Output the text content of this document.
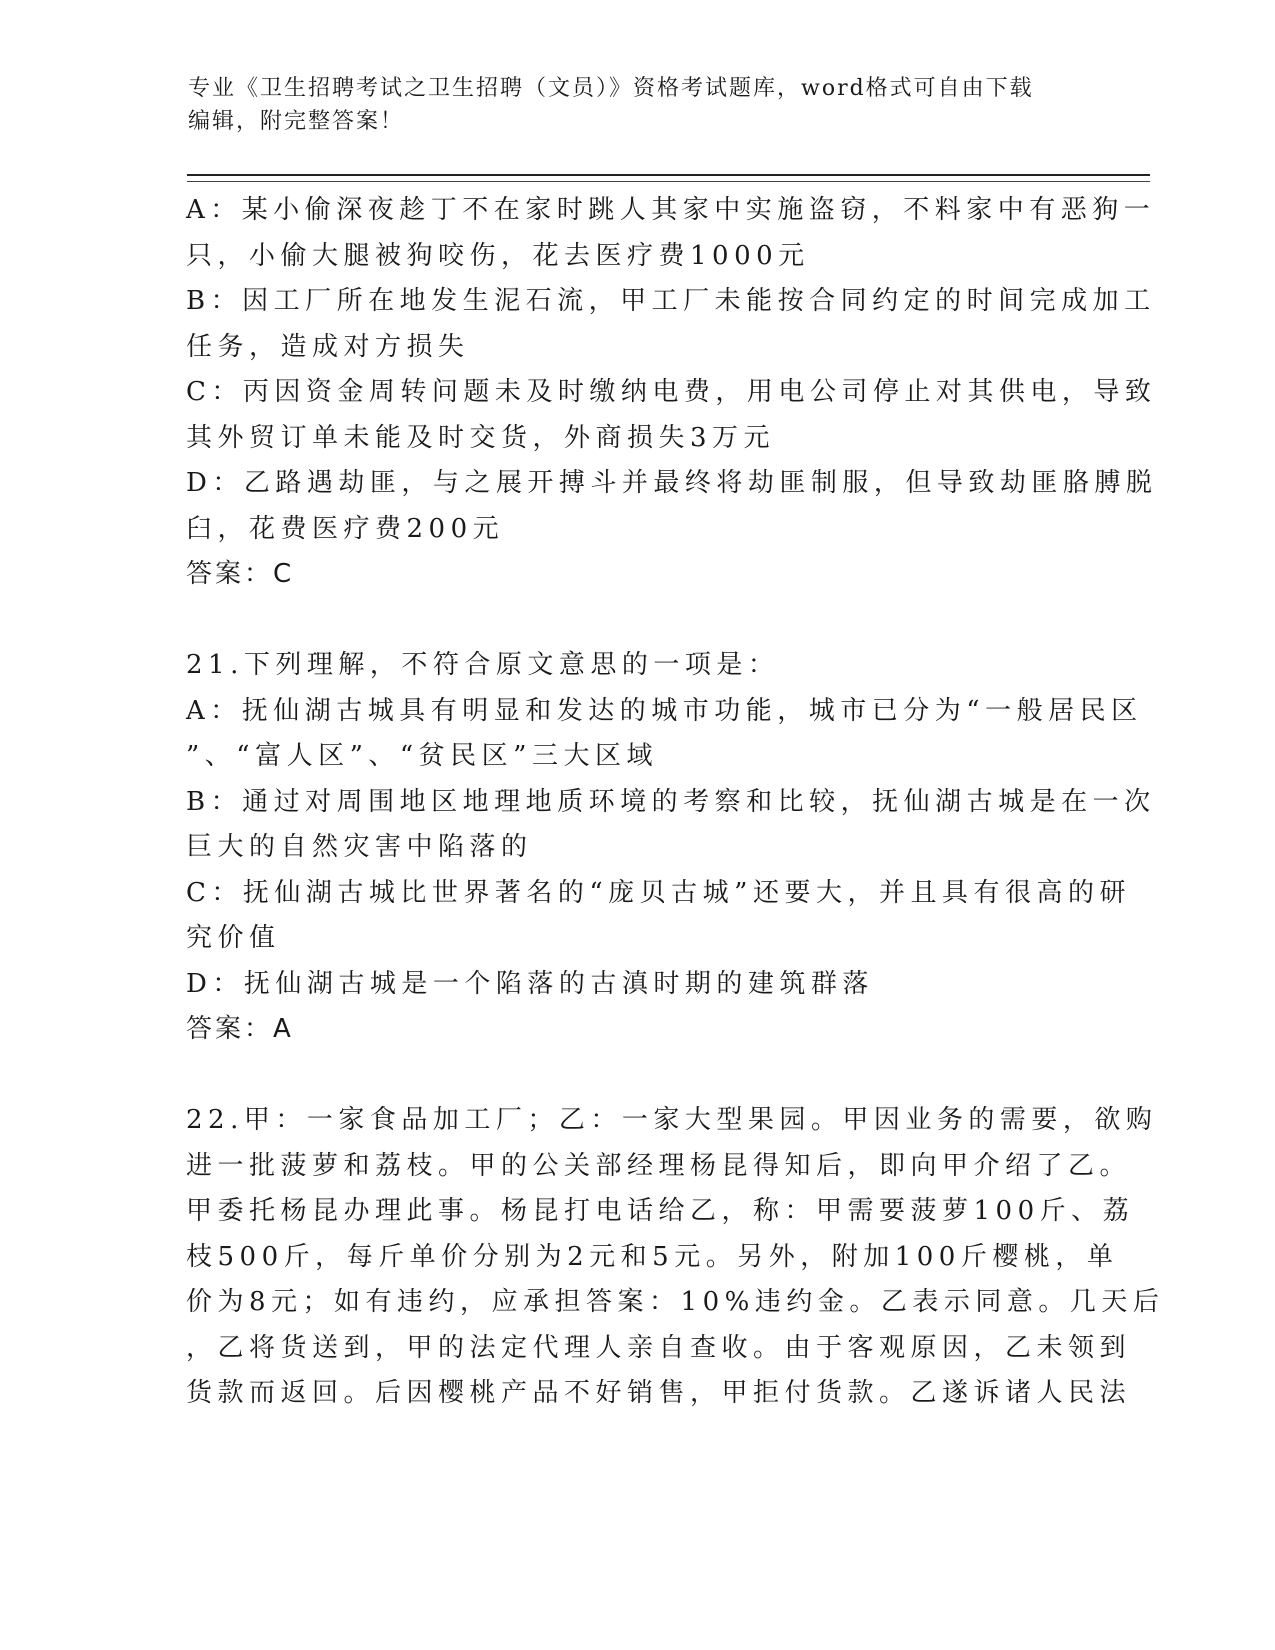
专业《卫生招聘考试之卫生招聘（文员）》资格考试题库，word格式可自由下载
编辑，附完整答案！
A：某小偷深夜趁丁不在家时跳人其家中实施盗窃，不料家中有恶狗一
只，小偷大腿被狗咬伤，花去医疗费1000元
B：因工厂所在地发生泥石流，甲工厂未能按合同约定的时间完成加工
任务，造成对方损失
C：丙因资金周转问题未及时缴纳电费，用电公司停止对其供电，导致
其外贸订单未能及时交货，外商损失3万元
D：乙路遇劫匪，与之展开搏斗并最终将劫匪制服，但导致劫匪胳膊脱
臼，花费医疗费200元
答案：C
21.下列理解，不符合原文意思的一项是：
A：抚仙湖古城具有明显和发达的城市功能，城市已分为“一般居民区
”、“富人区”、“贫民区”三大区域
B：通过对周围地区地理地质环境的考察和比较，抚仙湖古城是在一次
巨大的自然灾害中陷落的
C：抚仙湖古城比世界著名的“庞贝古城”还要大，并且具有很高的研
究价值
D：抚仙湖古城是一个陷落的古滇时期的建筑群落
答案：A
22.甲：一家食品加工厂；乙：一家大型果园。甲因业务的需要，欲购
进一批菠萝和荔枝。甲的公关部经理杨昆得知后，即向甲介绍了乙。
甲委托杨昆办理此事。杨昆打电话给乙，称：甲需要菠萝100斤、荔
枝500斤，每斤单价分别为2元和5元。另外，附加100斤樱桃，单
价为8元；如有违约，应承担答案：10%违约金。乙表示同意。几天后
，乙将货送到，甲的法定代理人亲自查收。由于客观原因，乙未领到
货款而返回。后因樱桃产品不好销售，甲拒付货款。乙遂诉诸人民法
